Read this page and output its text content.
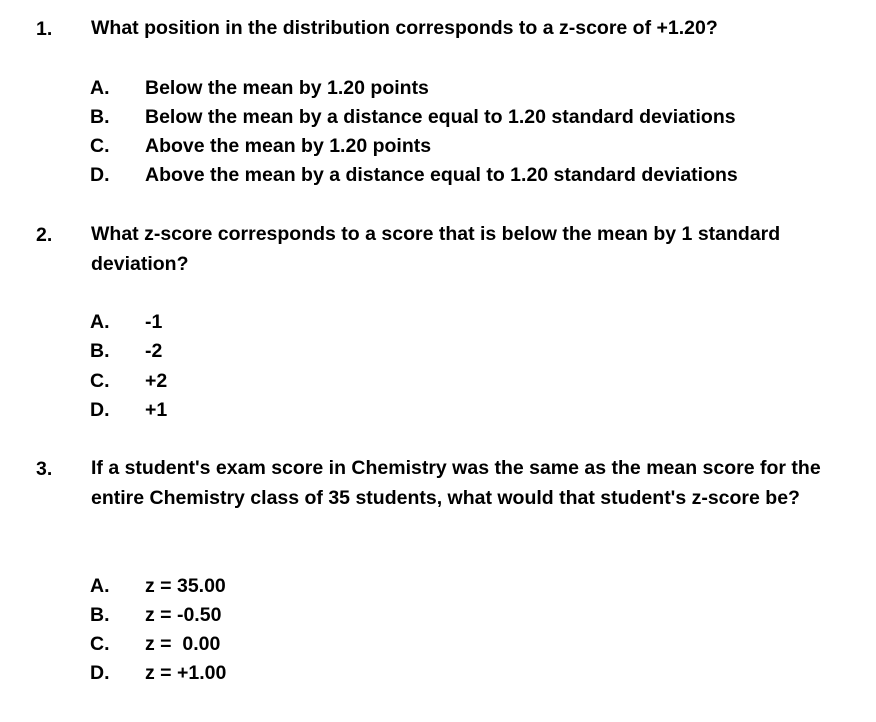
1. What position in the distribution corresponds to a z-score of +1.20?

A. Below the mean by 1.20 points
B. Below the mean by a distance equal to 1.20 standard deviations
C. Above the mean by 1.20 points
D. Above the mean by a distance equal to 1.20 standard deviations
2. What z-score corresponds to a score that is below the mean by 1 standard deviation?

A. -1
B. -2
C. +2
D. +1
3. If a student's exam score in Chemistry was the same as the mean score for the entire Chemistry class of 35 students, what would that student's z-score be?

A. z = 35.00
B. z = -0.50
C. z =  0.00
D. z = +1.00
